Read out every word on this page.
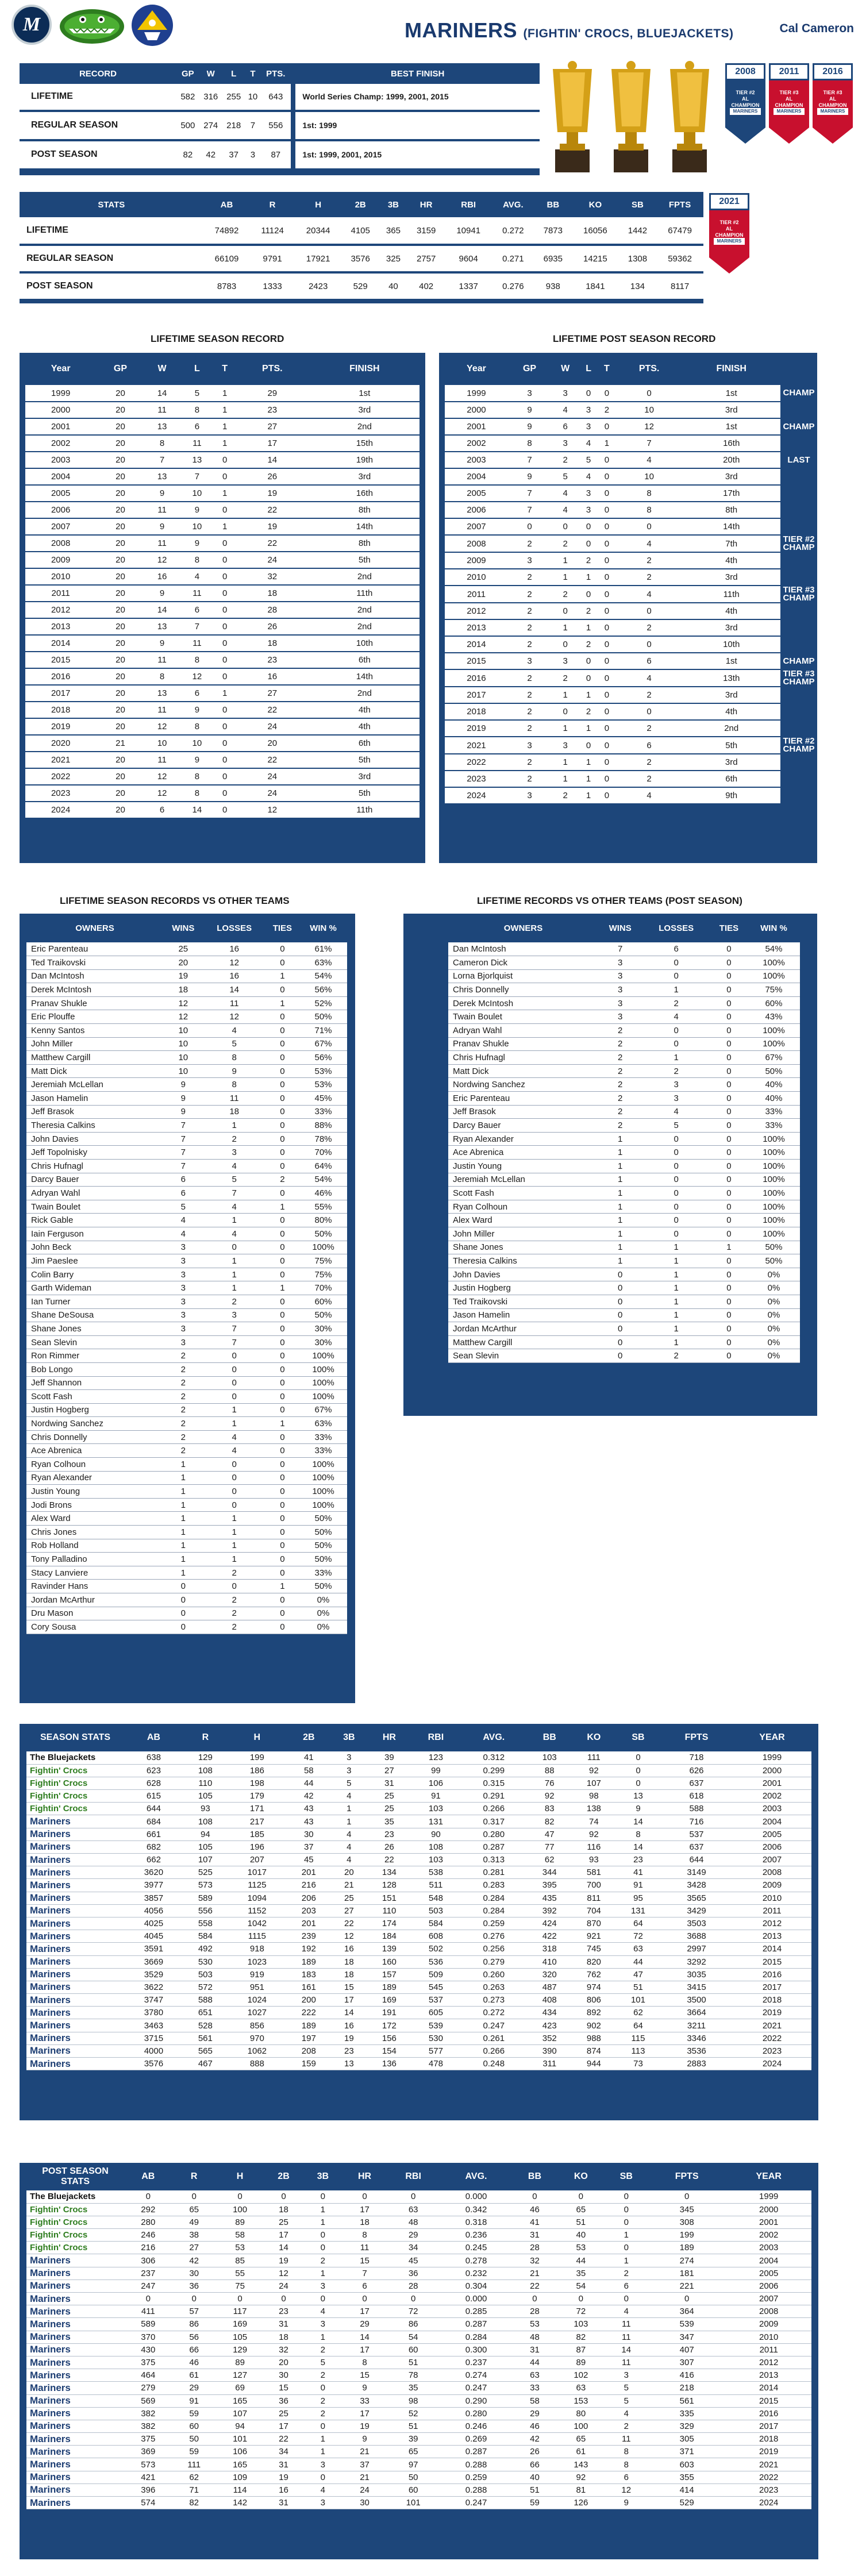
M	MARINERS (FIGHTIN' CROCS, BLUEJACKETS)	Cal Cameron
RECORD	GP	W	L	T	PTS.		BEST FINISH
LIFETIME	582	316	255	10	643		World Series Champ: 1999, 2001, 2015
REGULAR SEASON	500	274	218	7	556		1st: 1999
POST SEASON	82	42	37	3	87		1st: 1999, 2001, 2015
2008
TIER #2
AL
CHAMPION
MARINERS
2011
TIER #3
AL
CHAMPION
MARINERS
2016
TIER #3
AL
CHAMPION
MARINERS
2021
TIER #2
AL
CHAMPION
MARINERS
STATS	AB	R	H	2B	3B	HR	RBI	AVG.	BB	KO	SB	FPTS
LIFETIME	74892	11124	20344	4105	365	3159	10941	0.272	7873	16056	1442	67479
REGULAR SEASON	66109	9791	17921	3576	325	2757	9604	0.271	6935	14215	1308	59362
POST SEASON	8783	1333	2423	529	40	402	1337	0.276	938	1841	134	8117
LIFETIME SEASON RECORD	LIFETIME POST SEASON RECORD
Year	GP	W	L	T	PTS.	FINISH
1999	20	14	5	1	29	1st
2000	20	11	8	1	23	3rd
2001	20	13	6	1	27	2nd
2002	20	8	11	1	17	15th
2003	20	7	13	0	14	19th
2004	20	13	7	0	26	3rd
2005	20	9	10	1	19	16th
2006	20	11	9	0	22	8th
2007	20	9	10	1	19	14th
2008	20	11	9	0	22	8th
2009	20	12	8	0	24	5th
2010	20	16	4	0	32	2nd
2011	20	9	11	0	18	11th
2012	20	14	6	0	28	2nd
2013	20	13	7	0	26	2nd
2014	20	9	11	0	18	10th
2015	20	11	8	0	23	6th
2016	20	8	12	0	16	14th
2017	20	13	6	1	27	2nd
2018	20	11	9	0	22	4th
2019	20	12	8	0	24	4th
2020	21	10	10	0	20	6th
2021	20	11	9	0	22	5th
2022	20	12	8	0	24	3rd
2023	20	12	8	0	24	5th
2024	20	6	14	0	12	11th
Year	GP	W	L	T	PTS.	FINISH	
1999	3	3	0	0	0	1st	CHAMP
2000	9	4	3	2	10	3rd	
2001	9	6	3	0	12	1st	CHAMP
2002	8	3	4	1	7	16th	
2003	7	2	5	0	4	20th	LAST
2004	9	5	4	0	10	3rd	
2005	7	4	3	0	8	17th	
2006	7	4	3	0	8	8th	
2007	0	0	0	0	0	14th	
2008	2	2	0	0	4	7th	TIER #2 CHAMP
2009	3	1	2	0	2	4th	
2010	2	1	1	0	2	3rd	
2011	2	2	0	0	4	11th	TIER #3 CHAMP
2012	2	0	2	0	0	4th	
2013	2	1	1	0	2	3rd	
2014	2	0	2	0	0	10th	
2015	3	3	0	0	6	1st	CHAMP
2016	2	2	0	0	4	13th	TIER #3 CHAMP
2017	2	1	1	0	2	3rd	
2018	2	0	2	0	0	4th	
2019	2	1	1	0	2	2nd	
2021	3	3	0	0	6	5th	TIER #2 CHAMP
2022	2	1	1	0	2	3rd	
2023	2	1	1	0	2	6th	
2024	3	2	1	0	4	9th	
LIFETIME SEASON RECORDS VS OTHER TEAMS	LIFETIME RECORDS VS OTHER TEAMS (POST SEASON)
OWNERS	WINS	LOSSES	TIES	WIN %
Eric Parenteau	25	16	0	61%
Ted Traikovski	20	12	0	63%
Dan McIntosh	19	16	1	54%
Derek McIntosh	18	14	0	56%
Pranav Shukle	12	11	1	52%
Eric Plouffe	12	12	0	50%
Kenny Santos	10	4	0	71%
John Miller	10	5	0	67%
Matthew Cargill	10	8	0	56%
Matt Dick	10	9	0	53%
Jeremiah McLellan	9	8	0	53%
Jason Hamelin	9	11	0	45%
Jeff Brasok	9	18	0	33%
Theresia Calkins	7	1	0	88%
John Davies	7	2	0	78%
Jeff Topolnisky	7	3	0	70%
Chris Hufnagl	7	4	0	64%
Darcy Bauer	6	5	2	54%
Adryan Wahl	6	7	0	46%
Twain Boulet	5	4	1	55%
Rick Gable	4	1	0	80%
Iain Ferguson	4	4	0	50%
John Beck	3	0	0	100%
Jim Paeslee	3	1	0	75%
Colin Barry	3	1	0	75%
Garth Wideman	3	1	1	70%
Ian Turner	3	2	0	60%
Shane DeSousa	3	3	0	50%
Shane Jones	3	7	0	30%
Sean Slevin	3	7	0	30%
Ron Rimmer	2	0	0	100%
Bob Longo	2	0	0	100%
Jeff Shannon	2	0	0	100%
Scott Fash	2	0	0	100%
Justin Hogberg	2	1	0	67%
Nordwing Sanchez	2	1	1	63%
Chris Donnelly	2	4	0	33%
Ace Abrenica	2	4	0	33%
Ryan Colhoun	1	0	0	100%
Ryan Alexander	1	0	0	100%
Justin Young	1	0	0	100%
Jodi Brons	1	0	0	100%
Alex Ward	1	1	0	50%
Chris Jones	1	1	0	50%
Rob Holland	1	1	0	50%
Tony Palladino	1	1	0	50%
Stacy Lanviere	1	2	0	33%
Ravinder Hans	0	0	1	50%
Jordan McArthur	0	2	0	0%
Dru Mason	0	2	0	0%
Cory Sousa	0	2	0	0%
OWNERS	WINS	LOSSES	TIES	WIN %
Dan McIntosh	7	6	0	54%
Cameron Dick	3	0	0	100%
Lorna Bjorlquist	3	0	0	100%
Chris Donnelly	3	1	0	75%
Derek McIntosh	3	2	0	60%
Twain Boulet	3	4	0	43%
Adryan Wahl	2	0	0	100%
Pranav Shukle	2	0	0	100%
Chris Hufnagl	2	1	0	67%
Matt Dick	2	2	0	50%
Nordwing Sanchez	2	3	0	40%
Eric Parenteau	2	3	0	40%
Jeff Brasok	2	4	0	33%
Darcy Bauer	2	5	0	33%
Ryan Alexander	1	0	0	100%
Ace Abrenica	1	0	0	100%
Justin Young	1	0	0	100%
Jeremiah McLellan	1	0	0	100%
Scott Fash	1	0	0	100%
Ryan Colhoun	1	0	0	100%
Alex Ward	1	0	0	100%
John Miller	1	0	0	100%
Shane Jones	1	1	1	50%
Theresia Calkins	1	1	0	50%
John Davies	0	1	0	0%
Justin Hogberg	0	1	0	0%
Ted Traikovski	0	1	0	0%
Jason Hamelin	0	1	0	0%
Jordan McArthur	0	1	0	0%
Matthew Cargill	0	1	0	0%
Sean Slevin	0	2	0	0%
SEASON STATS	AB	R	H	2B	3B	HR	RBI	AVG.	BB	KO	SB	FPTS	YEAR
The Bluejackets	638	129	199	41	3	39	123	0.312	103	111	0	718	1999
Fightin' Crocs	623	108	186	58	3	27	99	0.299	88	92	0	626	2000
Fightin' Crocs	628	110	198	44	5	31	106	0.315	76	107	0	637	2001
Fightin' Crocs	615	105	179	42	4	25	91	0.291	92	98	13	618	2002
Fightin' Crocs	644	93	171	43	1	25	103	0.266	83	138	9	588	2003
Mariners	684	108	217	43	1	35	131	0.317	82	74	14	716	2004
Mariners	661	94	185	30	4	23	90	0.280	47	92	8	537	2005
Mariners	682	105	196	37	4	26	108	0.287	77	116	14	637	2006
Mariners	662	107	207	45	4	22	103	0.313	62	93	23	644	2007
Mariners	3620	525	1017	201	20	134	538	0.281	344	581	41	3149	2008
Mariners	3977	573	1125	216	21	128	511	0.283	395	700	91	3428	2009
Mariners	3857	589	1094	206	25	151	548	0.284	435	811	95	3565	2010
Mariners	4056	556	1152	203	27	110	503	0.284	392	704	131	3429	2011
Mariners	4025	558	1042	201	22	174	584	0.259	424	870	64	3503	2012
Mariners	4045	584	1115	239	12	184	608	0.276	422	921	72	3688	2013
Mariners	3591	492	918	192	16	139	502	0.256	318	745	63	2997	2014
Mariners	3669	530	1023	189	18	160	536	0.279	410	820	44	3292	2015
Mariners	3529	503	919	183	18	157	509	0.260	320	762	47	3035	2016
Mariners	3622	572	951	161	15	189	545	0.263	487	974	51	3415	2017
Mariners	3747	588	1024	200	17	169	537	0.273	408	806	101	3500	2018
Mariners	3780	651	1027	222	14	191	605	0.272	434	892	62	3664	2019
Mariners	3463	528	856	189	16	172	539	0.247	423	902	64	3211	2021
Mariners	3715	561	970	197	19	156	530	0.261	352	988	115	3346	2022
Mariners	4000	565	1062	208	23	154	577	0.266	390	874	113	3536	2023
Mariners	3576	467	888	159	13	136	478	0.248	311	944	73	2883	2024
POST SEASON STATS	AB	R	H	2B	3B	HR	RBI	AVG.	BB	KO	SB	FPTS	YEAR
The Bluejackets	0	0	0	0	0	0	0	0.000	0	0	0	0	1999
Fightin' Crocs	292	65	100	18	1	17	63	0.342	46	65	0	345	2000
Fightin' Crocs	280	49	89	25	1	18	48	0.318	41	51	0	308	2001
Fightin' Crocs	246	38	58	17	0	8	29	0.236	31	40	1	199	2002
Fightin' Crocs	216	27	53	14	0	11	34	0.245	28	53	0	189	2003
Mariners	306	42	85	19	2	15	45	0.278	32	44	1	274	2004
Mariners	237	30	55	12	1	7	36	0.232	21	35	2	181	2005
Mariners	247	36	75	24	3	6	28	0.304	22	54	6	221	2006
Mariners	0	0	0	0	0	0	0	0.000	0	0	0	0	2007
Mariners	411	57	117	23	4	17	72	0.285	28	72	4	364	2008
Mariners	589	86	169	31	3	29	86	0.287	53	103	11	539	2009
Mariners	370	56	105	18	1	14	54	0.284	48	82	11	347	2010
Mariners	430	66	129	32	2	17	60	0.300	31	87	14	407	2011
Mariners	375	46	89	20	5	8	51	0.237	44	89	11	307	2012
Mariners	464	61	127	30	2	15	78	0.274	63	102	3	416	2013
Mariners	279	29	69	15	0	9	35	0.247	33	63	5	218	2014
Mariners	569	91	165	36	2	33	98	0.290	58	153	5	561	2015
Mariners	382	59	107	25	2	17	52	0.280	29	80	4	335	2016
Mariners	382	60	94	17	0	19	51	0.246	46	100	2	329	2017
Mariners	375	50	101	22	1	9	39	0.269	42	65	11	305	2018
Mariners	369	59	106	34	1	21	65	0.287	26	61	8	371	2019
Mariners	573	111	165	31	3	37	97	0.288	66	143	8	603	2021
Mariners	421	62	109	19	0	21	50	0.259	40	92	6	355	2022
Mariners	396	71	114	16	4	24	60	0.288	51	81	12	414	2023
Mariners	574	82	142	31	3	30	101	0.247	59	126	9	529	2024
